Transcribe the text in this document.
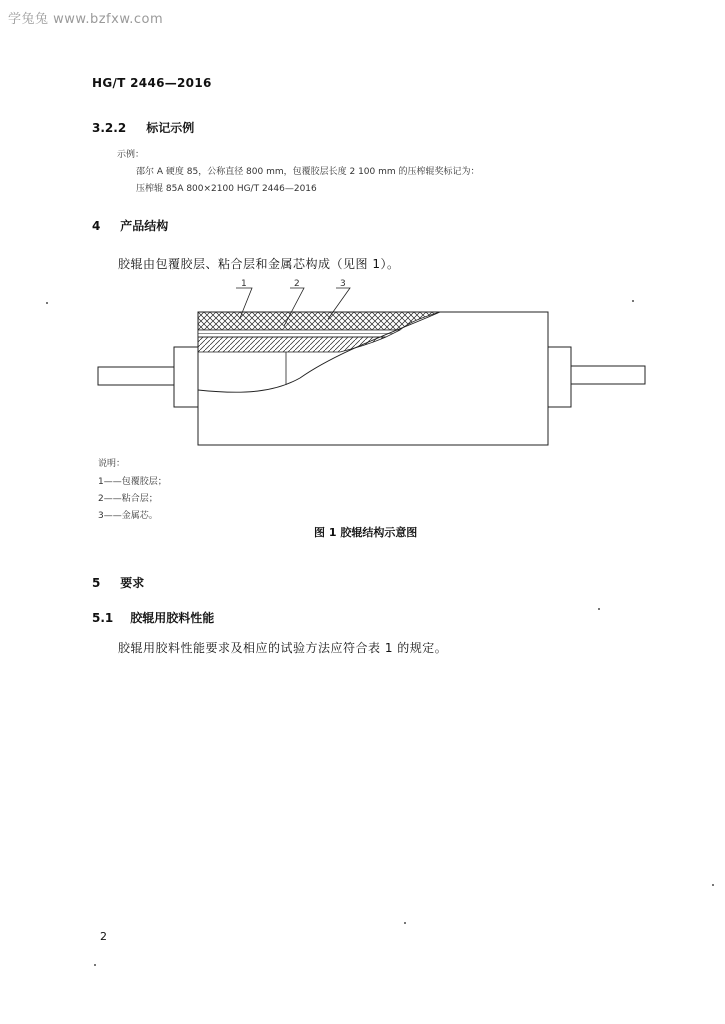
学兔兔 www.bzfxw.com
HG/T 2446—2016
3.2.2 标记示例
示例：
邵尔 A 硬度 85，公称直径 800 mm，包覆胶层长度 2 100 mm 的压榨辊奖标记为：
压榨辊 85A 800×2100 HG/T 2446—2016
4 产品结构
胶辊由包覆胶层、粘合层和金属芯构成（见图 1）。
1	2	3
说明：
1——包覆胶层；
2——粘合层；
3——金属芯。
图 1 胶辊结构示意图
5 要求
5.1 胶辊用胶料性能
胶辊用胶料性能要求及相应的试验方法应符合表 1 的规定。
2
